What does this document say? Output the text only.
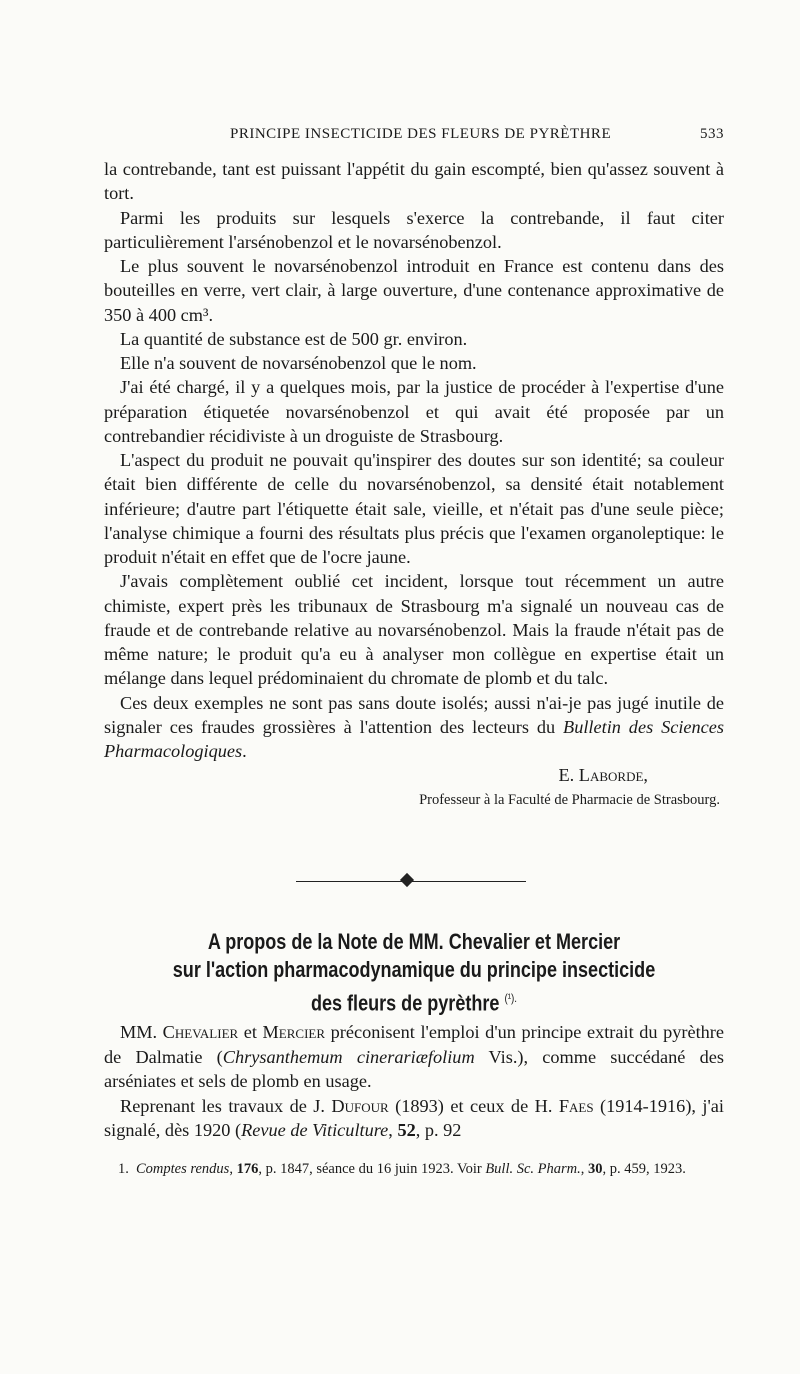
PRINCIPE INSECTICIDE DES FLEURS DE PYRÈTHRE	533

la contrebande, tant est puissant l'appétit du gain escompté, bien qu'assez souvent à tort.

Parmi les produits sur lesquels s'exerce la contrebande, il faut citer particulièrement l'arsénobenzol et le novarsénobenzol.

Le plus souvent le novarsénobenzol introduit en France est contenu dans des bouteilles en verre, vert clair, à large ouverture, d'une contenance approximative de 350 à 400 cm³.

La quantité de substance est de 500 gr. environ.

Elle n'a souvent de novarsénobenzol que le nom.

J'ai été chargé, il y a quelques mois, par la justice de procéder à l'expertise d'une préparation étiquetée novarsénobenzol et qui avait été proposée par un contrebandier récidiviste à un droguiste de Strasbourg.

L'aspect du produit ne pouvait qu'inspirer des doutes sur son identité; sa couleur était bien différente de celle du novarsénobenzol, sa densité était notablement inférieure; d'autre part l'étiquette était sale, vieille, et n'était pas d'une seule pièce; l'analyse chimique a fourni des résultats plus précis que l'examen organoleptique: le produit n'était en effet que de l'ocre jaune.

J'avais complètement oublié cet incident, lorsque tout récemment un autre chimiste, expert près les tribunaux de Strasbourg m'a signalé un nouveau cas de fraude et de contrebande relative au novarsénobenzol. Mais la fraude n'était pas de même nature; le produit qu'a eu à analyser mon collègue en expertise était un mélange dans lequel prédominaient du chromate de plomb et du talc.

Ces deux exemples ne sont pas sans doute isolés; aussi n'ai-je pas jugé inutile de signaler ces fraudes grossières à l'attention des lecteurs du Bulletin des Sciences Pharmacologiques.

E. Laborde,

Professeur à la Faculté de Pharmacie de Strasbourg.

A propos de la Note de MM. Chevalier et Mercier
sur l'action pharmacodynamique du principe insecticide
des fleurs de pyrèthre $^{(^1).}$

MM. Chevalier et Mercier préconisent l'emploi d'un principe extrait du pyrèthre de Dalmatie (Chrysanthemum cinerariæfolium Vis.), comme succédané des arséniates et sels de plomb en usage.

Reprenant les travaux de J. Dufour (1893) et ceux de H. Faes (1914-1916), j'ai signalé, dès 1920 (Revue de Viticulture, 52, p. 92

1. Comptes rendus, 176, p. 1847, séance du 16 juin 1923. Voir Bull. Sc. Pharm., 30, p. 459, 1923.
